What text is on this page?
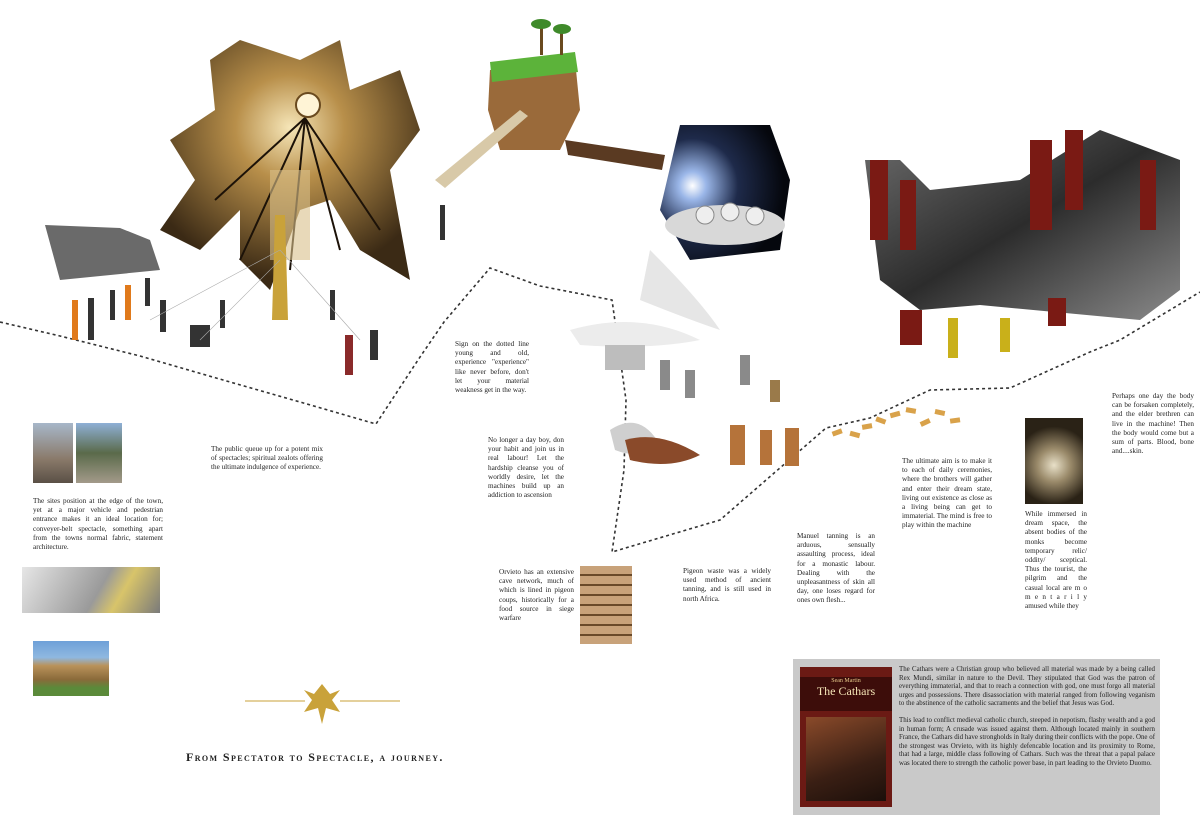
The public queue up for a potent mix of spectacles; spiritual zealots offering the ultimate indulgence of experience.
Sign on the dotted line young and old, experience "experience" like never before, don't let your material weakness get in the way.
No longer a day boy, don your habit and join us in real labour! Let the hardship cleanse you of worldly desire, let the machines build up an addiction to ascension
The sites position at the edge of the town, yet at a major vehicle and pedestrian entrance makes it an ideal location for; conveyer-belt spectacle, something apart from the towns normal fabric, statement architecture.
Orvieto has an extensive cave network, much of which is lined in pigeon coups, historically for a food source in siege warfare
Pigeon waste was a widely used method of ancient tanning, and is still used in north Africa.
Manuel tanning is an arduous, sensually assaulting process, ideal for a monastic labour. Dealing with the unpleasantness of skin all day, one loses regard for ones own flesh...
The ultimate aim is to make it to each of daily ceremonies, where the brothers will gather and enter their dream state, living out existence as close as a living being can get to immaterial. The mind is free to play within the machine
While immersed in dream space, the absent bodies of the monks become temporary relic/ oddity/ sceptical. Thus the tourist, the pilgrim and the casual local are m o m e n t a r i l y amused while they
Perhaps one day the body can be forsaken completely, and the elder brethren can live in the machine! Then the body would come but a sum of parts. Blood, bone and....skin.
From Spectator to Spectacle, a journey.
Sean Martin
The Cathars

The Cathars were a Christian group who believed all material was made by a being called Rex Mundi, similar in nature to the Devil. They stipulated that God was the patron of everything immaterial, and that to reach a connection with god, one must forgo all material urges and possessions. There disassociation with material ranged from following veganism to the abstinence of the catholic sacraments and the belief that Jesus was God.

This lead to conflict medieval catholic church, steeped in nepotism, flashy wealth and a god in human form; A crusade was issued against them. Although located mainly in southern France, the Cathars did have strongholds in Italy during their conflicts with the pope. One of the strongest was Orvieto, with its highly defencable location and its proximity to Rome, that had a large, middle class following of Cathars. Such was the threat that a papal palace was located there to strength the catholic power base, in part leading to the Orvieto Duomo.
